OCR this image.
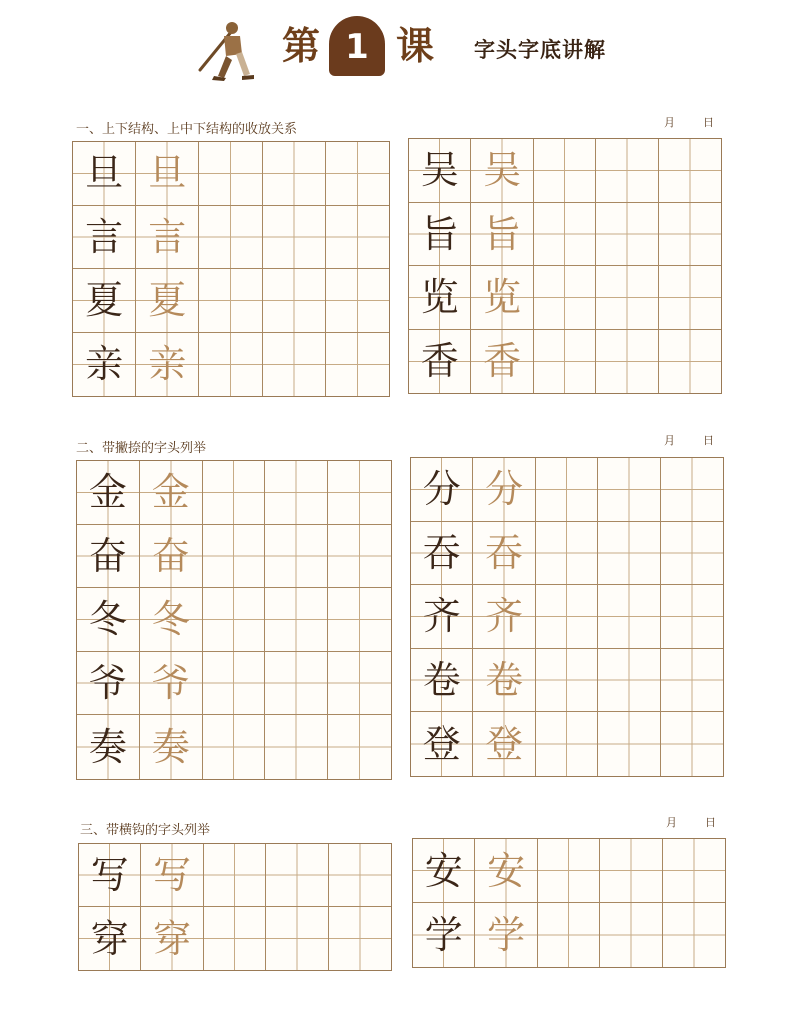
第 1 课 字头字底讲解
一、上下结构、上中下结构的收放关系	月	日
旦 旦
言 言
夏 夏
亲 亲
吴 吴
旨 旨
览 览
香 香
二、带撇捺的字头列举
月	日
金 金
奋 奋
冬 冬
爷 爷
奏 奏
分 分
吞 吞
齐 齐
卷 卷
登 登
三、带横钩的字头列举
月	日
写 写
穿 穿
安 安
学 学
